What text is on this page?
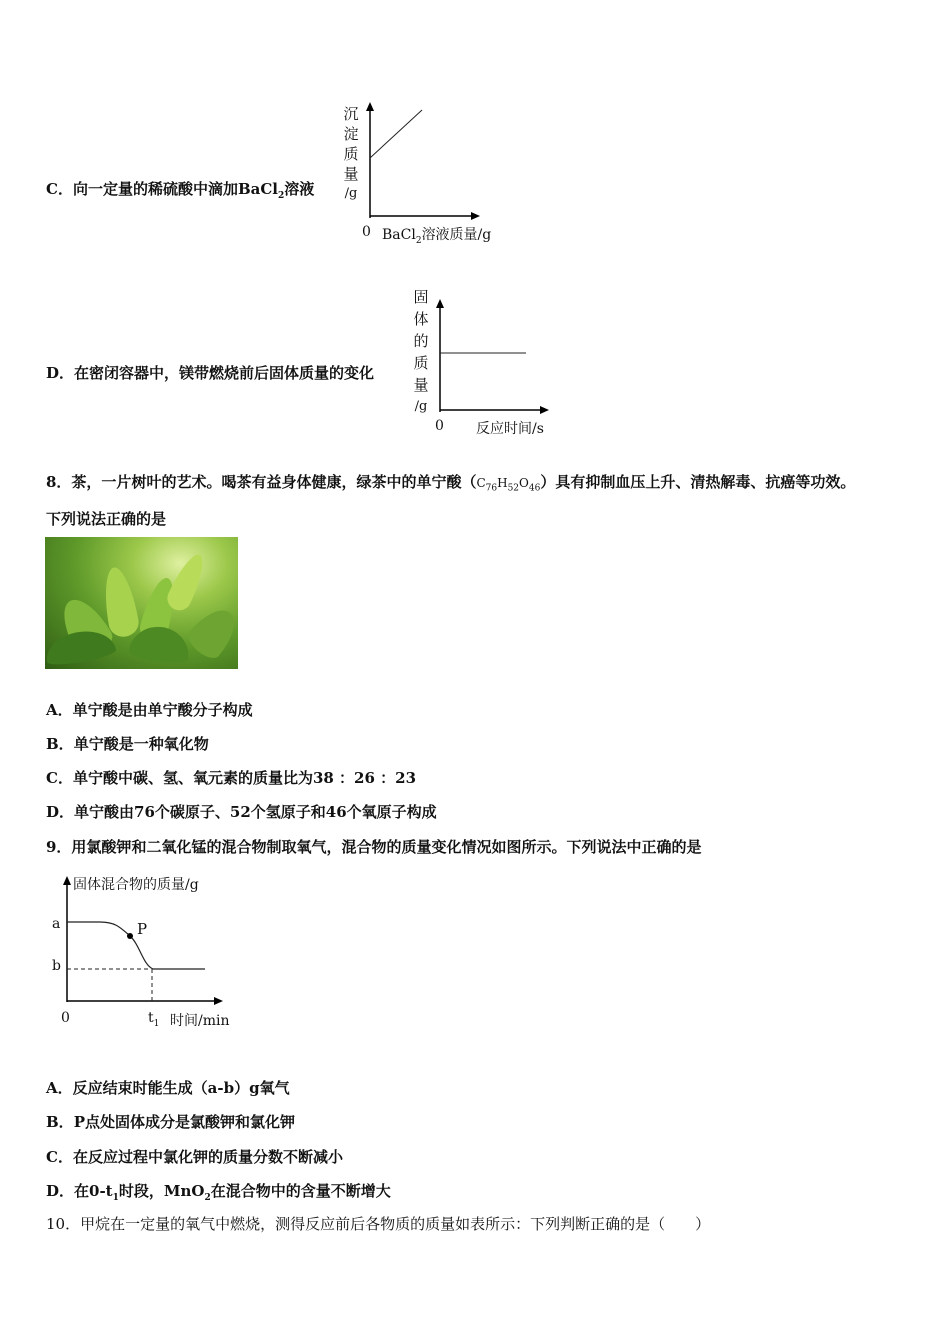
C．向一定量的稀硫酸中滴加BaCl$_2$溶液
沉
淀
质
量
/g
0 BaCl$_2$溶液质量/g
D．在密闭容器中，镁带燃烧前后固体质量的变化
固
体
的
质
量
/g
0 反应时间/s
8．茶，一片树叶的艺术。喝茶有益身体健康，绿茶中的单宁酸$(C_{76}H_{52}O_{46})$具有抑制血压上升、清热解毒、抗癌等功效。
下列说法正确的是
A．单宁酸是由单宁酸分子构成
B．单宁酸是一种氧化物
C．单宁酸中碳、氢、氧元素的质量比为38 ：26 ：23
D．单宁酸由76个碳原子、52个氢原子和46个氧原子构成
9．用氯酸钾和二氧化锰的混合物制取氧气，混合物的质量变化情况如图所示。下列说法中正确的是
固体混合物的质量/g
a
b
P
0	$t_1$ 时间/min
A．反应结束时能生成（a-b）g氧气
B．P点处固体成分是氯酸钾和氯化钾
C．在反应过程中氯化钾的质量分数不断减小
D．在$0-t_1$时段，MnO$_2$在混合物中的含量不断增大
10．甲烷在一定量的氧气中燃烧，测得反应前后各物质的质量如表所示：下列判断正确的是（　　）
